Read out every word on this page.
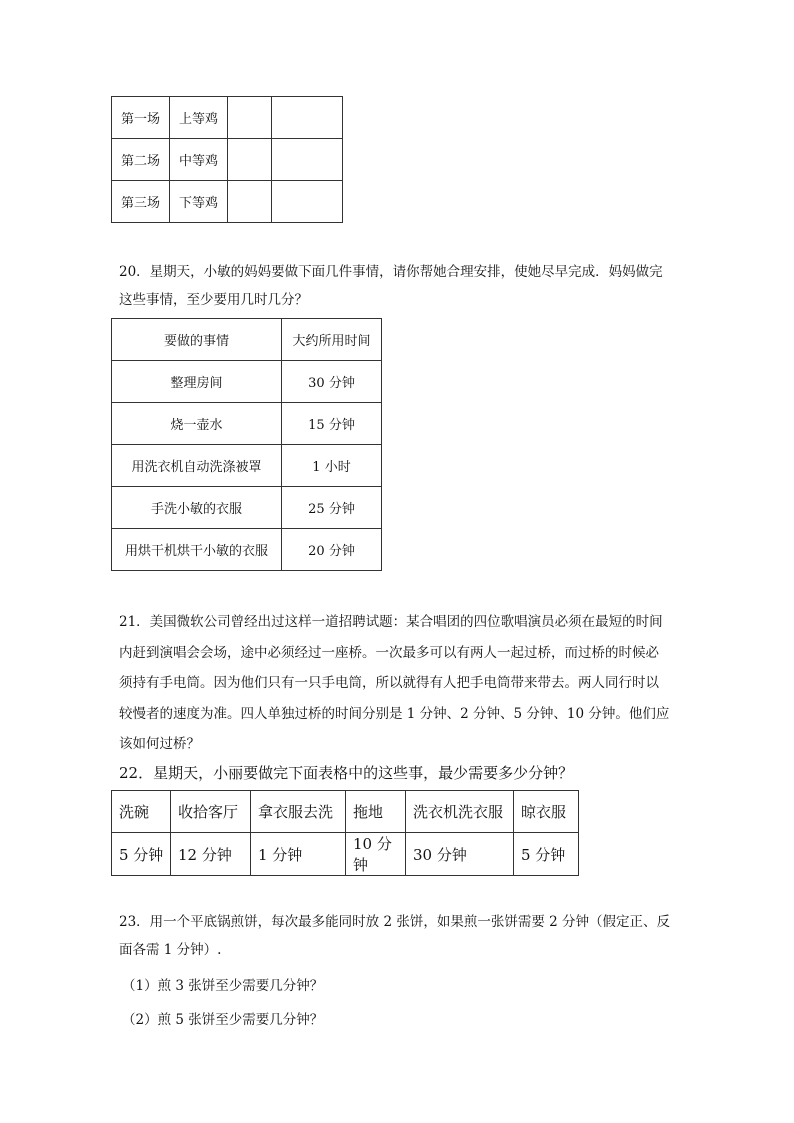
第一场	上等鸡		
第二场	中等鸡		
第三场	下等鸡		
20．星期天，小敏的妈妈要做下面几件事情，请你帮她合理安排，使她尽早完成．妈妈做完
这些事情，至少要用几时几分？
要做的事情	大约所用时间
整理房间	30 分钟
烧一壶水	15 分钟
用洗衣机自动洗涤被罩	1 小时
手洗小敏的衣服	25 分钟
用烘干机烘干小敏的衣服	20 分钟
21．美国微软公司曾经出过这样一道招聘试题：某合唱团的四位歌唱演员必须在最短的时间
内赶到演唱会会场，途中必须经过一座桥。一次最多可以有两人一起过桥，而过桥的时候必
须持有手电筒。因为他们只有一只手电筒，所以就得有人把手电筒带来带去。两人同行时以
较慢者的速度为准。四人单独过桥的时间分别是 1 分钟、2 分钟、5 分钟、10 分钟。他们应
该如何过桥？
22．星期天，小丽要做完下面表格中的这些事，最少需要多少分钟？
洗碗	收拾客厅	拿衣服去洗	拖地	洗衣机洗衣服	晾衣服
5 分钟	12 分钟	1 分钟	10 分钟	30 分钟	5 分钟
23．用一个平底锅煎饼，每次最多能同时放 2 张饼，如果煎一张饼需要 2 分钟（假定正、反
面各需 1 分钟）.
（1）煎 3 张饼至少需要几分钟？
（2）煎 5 张饼至少需要几分钟？
